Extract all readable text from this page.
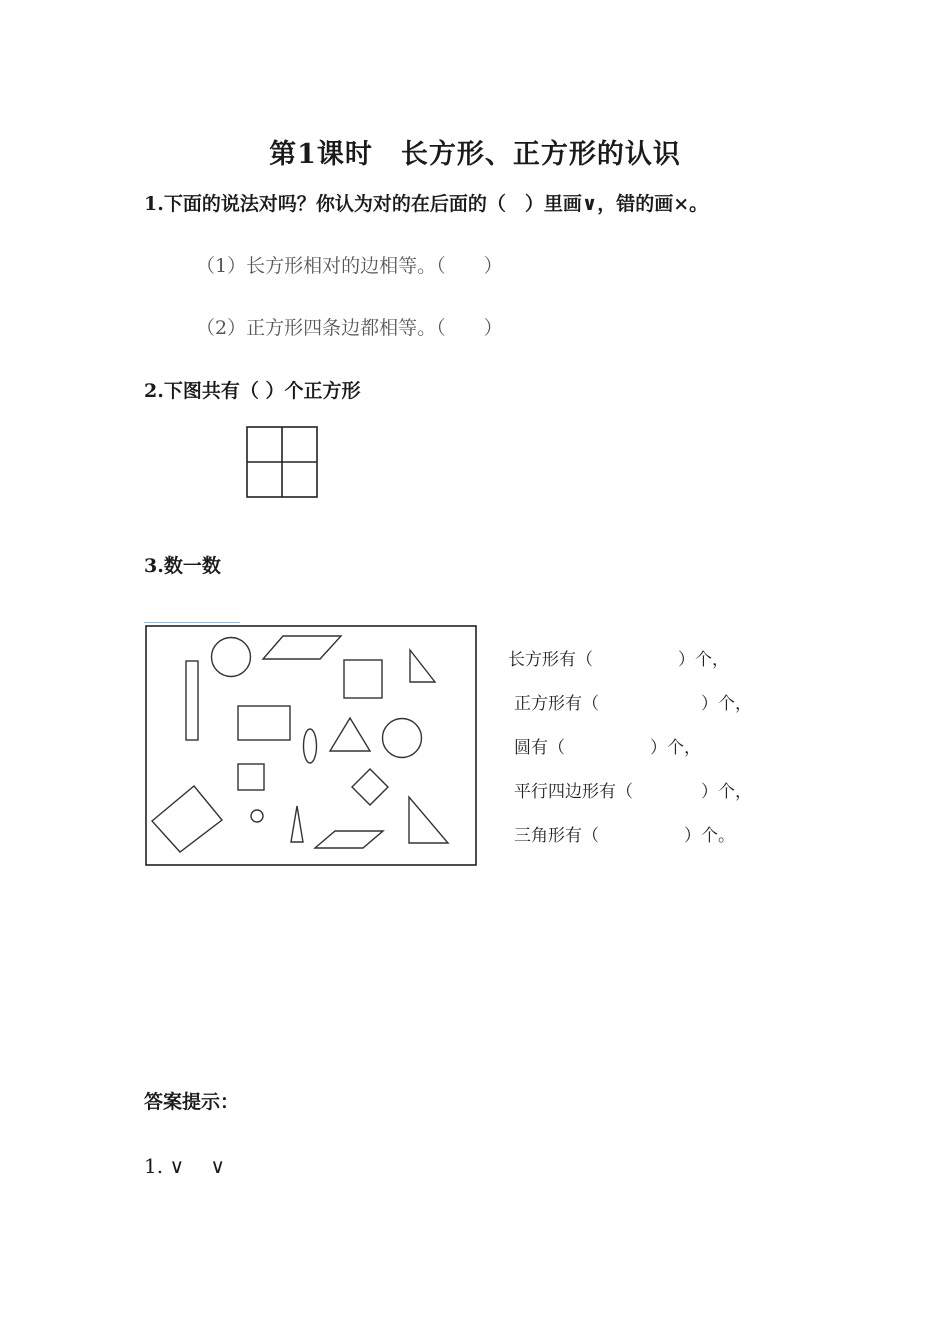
第1课时　长方形、正方形的认识
1.下面的说法对吗？你认为对的在后面的（　）里画∨，错的画×。
（1）长方形相对的边相等。（　　）
（2）正方形四条边都相等。（　　）
2.下图共有（ ）个正方形
3.数一数
长方形有（　　　　　）个，
正方形有（　　　　　　）个，
圆有（　　　　　）个，
平行四边形有（　　　　）个，
三角形有（　　　　　）个。
答案提示：
1. ∨　 ∨
